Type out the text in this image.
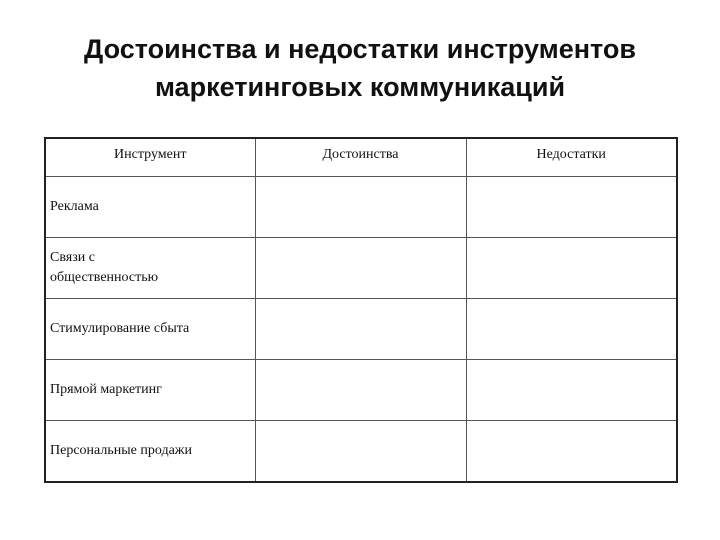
Достоинства и недостатки инструментов
маркетинговых коммуникаций
Инструмент	Достоинства	Недостатки
Реклама		
Связи с
общественностью		
Стимулирование сбыта		
Прямой маркетинг		
Персональные продажи		
